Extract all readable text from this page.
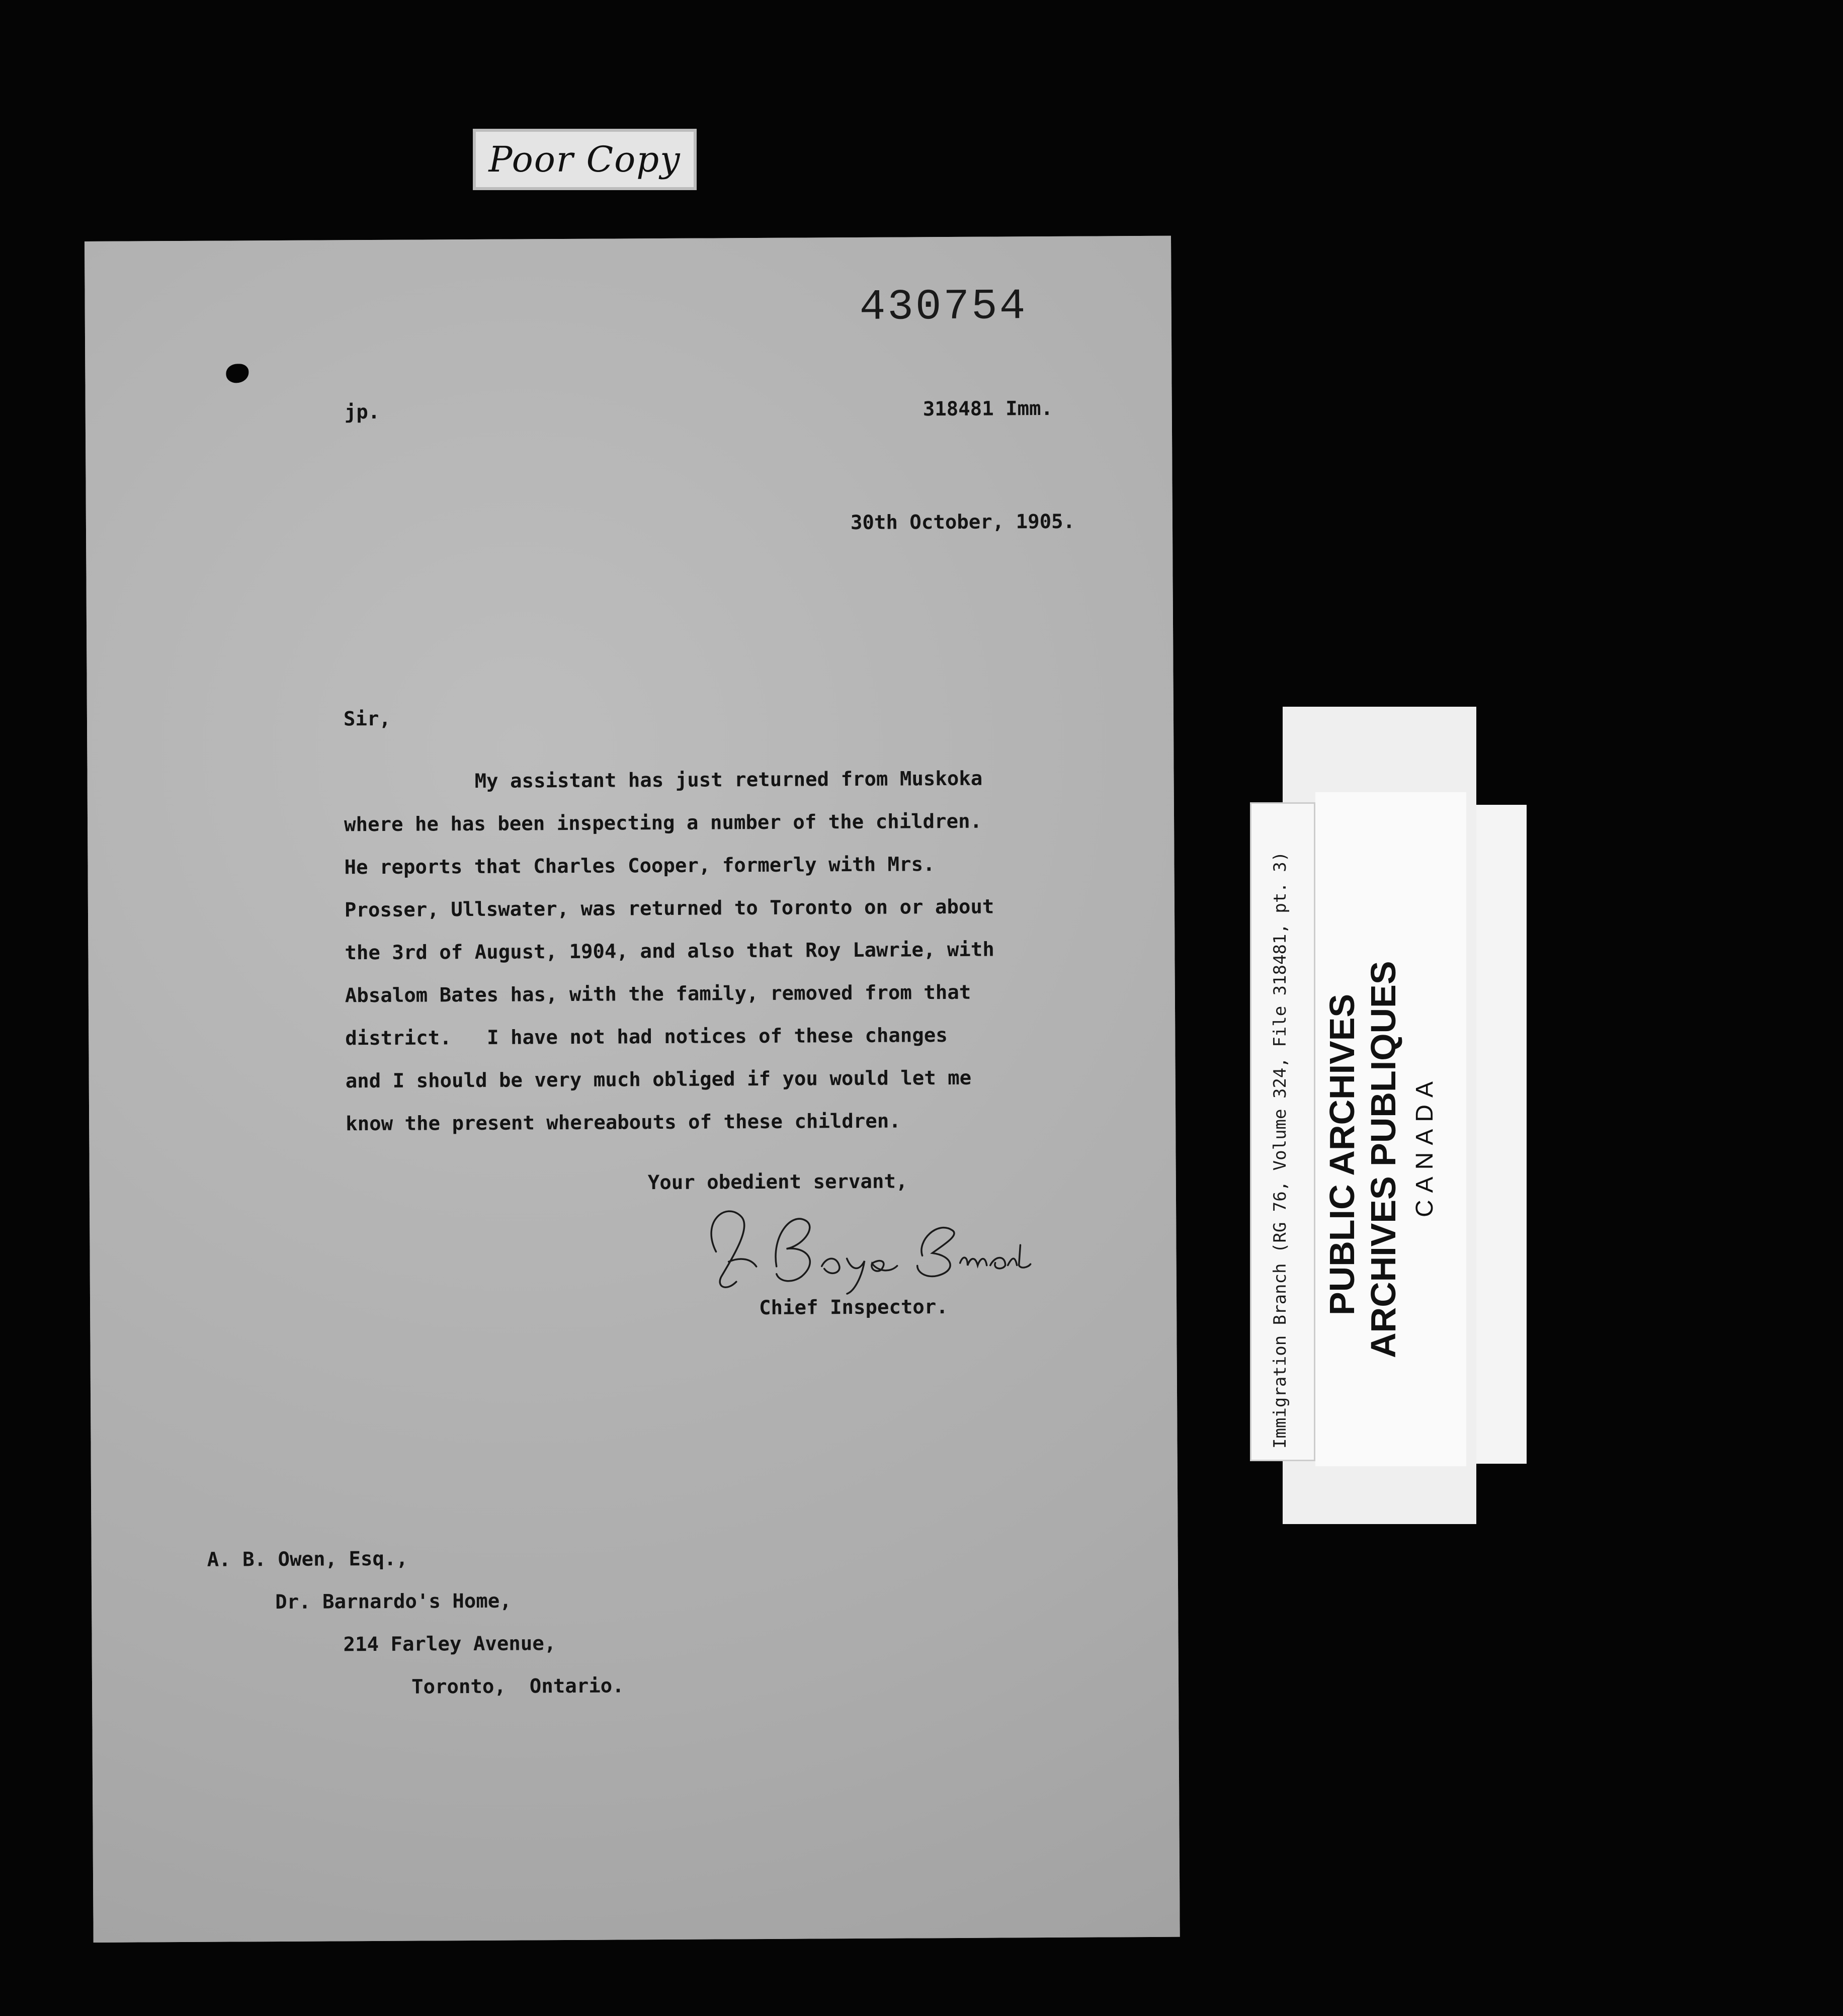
Poor Copy
430754
jp.	318481 Imm.
30th October, 1905.
Sir,
My assistant has just returned from Muskoka
where he has been inspecting a number of the children.
He reports that Charles Cooper, formerly with Mrs.
Prosser, Ullswater, was returned to Toronto on or about
the 3rd of August, 1904, and also that Roy Lawrie, with
Absalom Bates has, with the family, removed from that
district.   I have not had notices of these changes
and I should be very much obliged if you would let me
know the present whereabouts of these children.
Your obedient servant,
Chief Inspector.
A. B. Owen, Esq.,
Dr. Barnardo's Home,
214 Farley Avenue,
Toronto,  Ontario.
Immigration Branch (RG 76, Volume 324, File 318481, pt. 3) PUBLIC ARCHIVES ARCHIVES PUBLIQUES CANADA
